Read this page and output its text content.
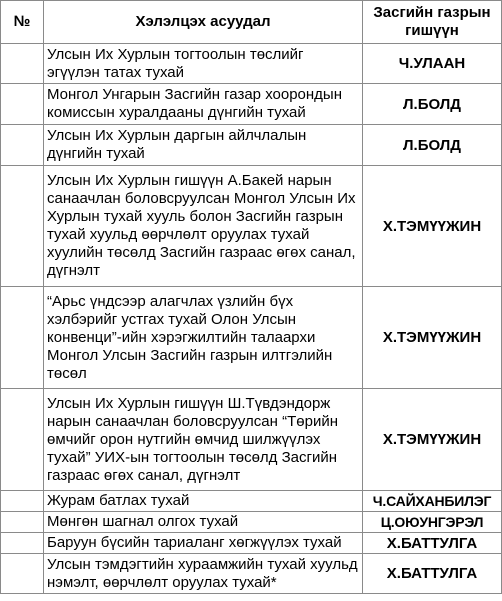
№	Хэлэлцэх асуудал	Засгийн газрын гишүүн
	Улсын Их Хурлын тогтоолын төслийг эгүүлэн татах тухай	Ч.УЛААН
	Монгол Унгарын Засгийн газар хоорондын комиссын хуралдааны дүнгийн тухай	Л.БОЛД
	Улсын Их Хурлын даргын айлчлалын дүнгийн тухай	Л.БОЛД
	Улсын Их Хурлын гишүүн А.Бакей нарын санаачлан боловсруулсан Монгол Улсын Их Хурлын тухай хууль болон Засгийн газрын тухай хуульд өөрчлөлт оруулах тухай хуулийн төсөлд Засгийн газраас өгөх санал, дүгнэлт	Х.ТЭМҮҮЖИН
	“Арьс үндсээр алагчлах үзлийн бүх хэлбэрийг устгах тухай Олон Улсын конвенци”-ийн хэрэгжилтийн талаархи Монгол Улсын Засгийн газрын илтгэлийн төсөл	Х.ТЭМҮҮЖИН
	Улсын Их Хурлын гишүүн Ш.Түвдэндорж нарын санаачлан боловсруулсан “Төрийн өмчийг орон нутгийн өмчид шилжүүлэх тухай” УИХ-ын тогтоолын төсөлд Засгийн газраас өгөх санал, дүгнэлт	Х.ТЭМҮҮЖИН
	Журам батлах тухай	Ч.САЙХАНБИЛЭГ
	Мөнгөн шагнал олгох тухай	Ц.ОЮУНГЭРЭЛ
	Баруун бүсийн тариаланг хөгжүүлэх тухай	Х.БАТТУЛГА
	Улсын тэмдэгтийн хураамжийн тухай хуульд нэмэлт, өөрчлөлт оруулах тухай*	Х.БАТТУЛГА
